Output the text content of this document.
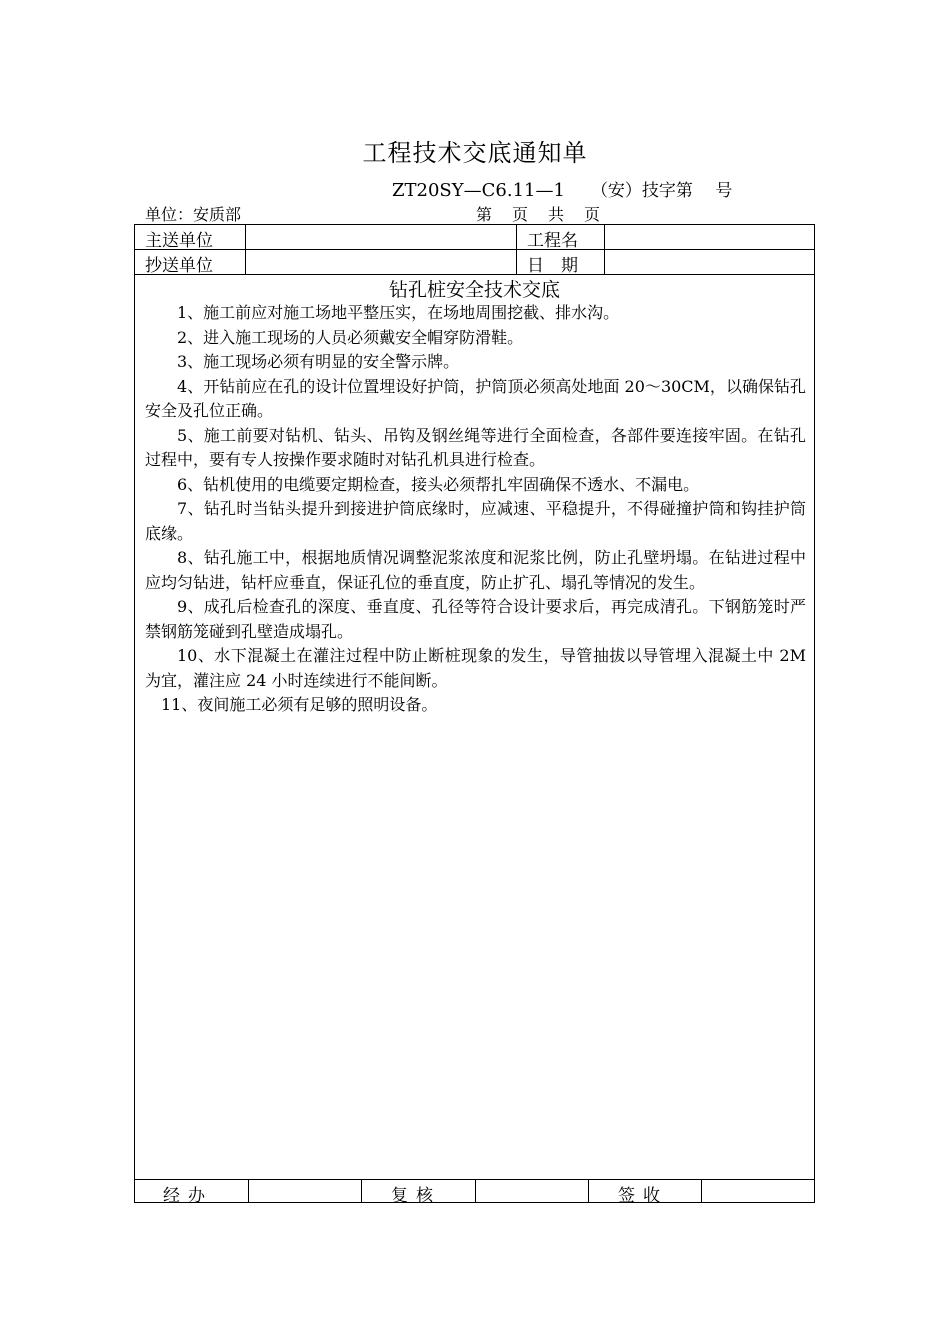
工程技术交底通知单
ZT20SY—C6.11—1 （安）技字第　 号
单位：安质部	第　页　共　页
主送单位	工程名
抄送单位	日　期
钻孔桩安全技术交底

1、施工前应对施工场地平整压实，在场地周围挖截、排水沟。

2、进入施工现场的人员必须戴安全帽穿防滑鞋。

3、施工现场必须有明显的安全警示牌。

4、开钻前应在孔的设计位置埋设好护筒，护筒顶必须高处地面 20～30CM，以确保钻孔安全及孔位正确。

5、施工前要对钻机、钻头、吊钩及钢丝绳等进行全面检查，各部件要连接牢固。在钻孔过程中，要有专人按操作要求随时对钻孔机具进行检查。

6、钻机使用的电缆要定期检查，接头必须帮扎牢固确保不透水、不漏电。

7、钻孔时当钻头提升到接进护筒底缘时，应减速、平稳提升，不得碰撞护筒和钩挂护筒底缘。

8、钻孔施工中，根据地质情况调整泥浆浓度和泥浆比例，防止孔壁坍塌。在钻进过程中应均匀钻进，钻杆应垂直，保证孔位的垂直度，防止扩孔、塌孔等情况的发生。

9、成孔后检查孔的深度、垂直度、孔径等符合设计要求后，再完成清孔。下钢筋笼时严禁钢筋笼碰到孔壁造成塌孔。

10、水下混凝土在灌注过程中防止断桩现象的发生，导管抽拔以导管埋入混凝土中 2M 为宜，灌注应 24 小时连续进行不能间断。

11、夜间施工必须有足够的照明设备。

经办	复核	签收
